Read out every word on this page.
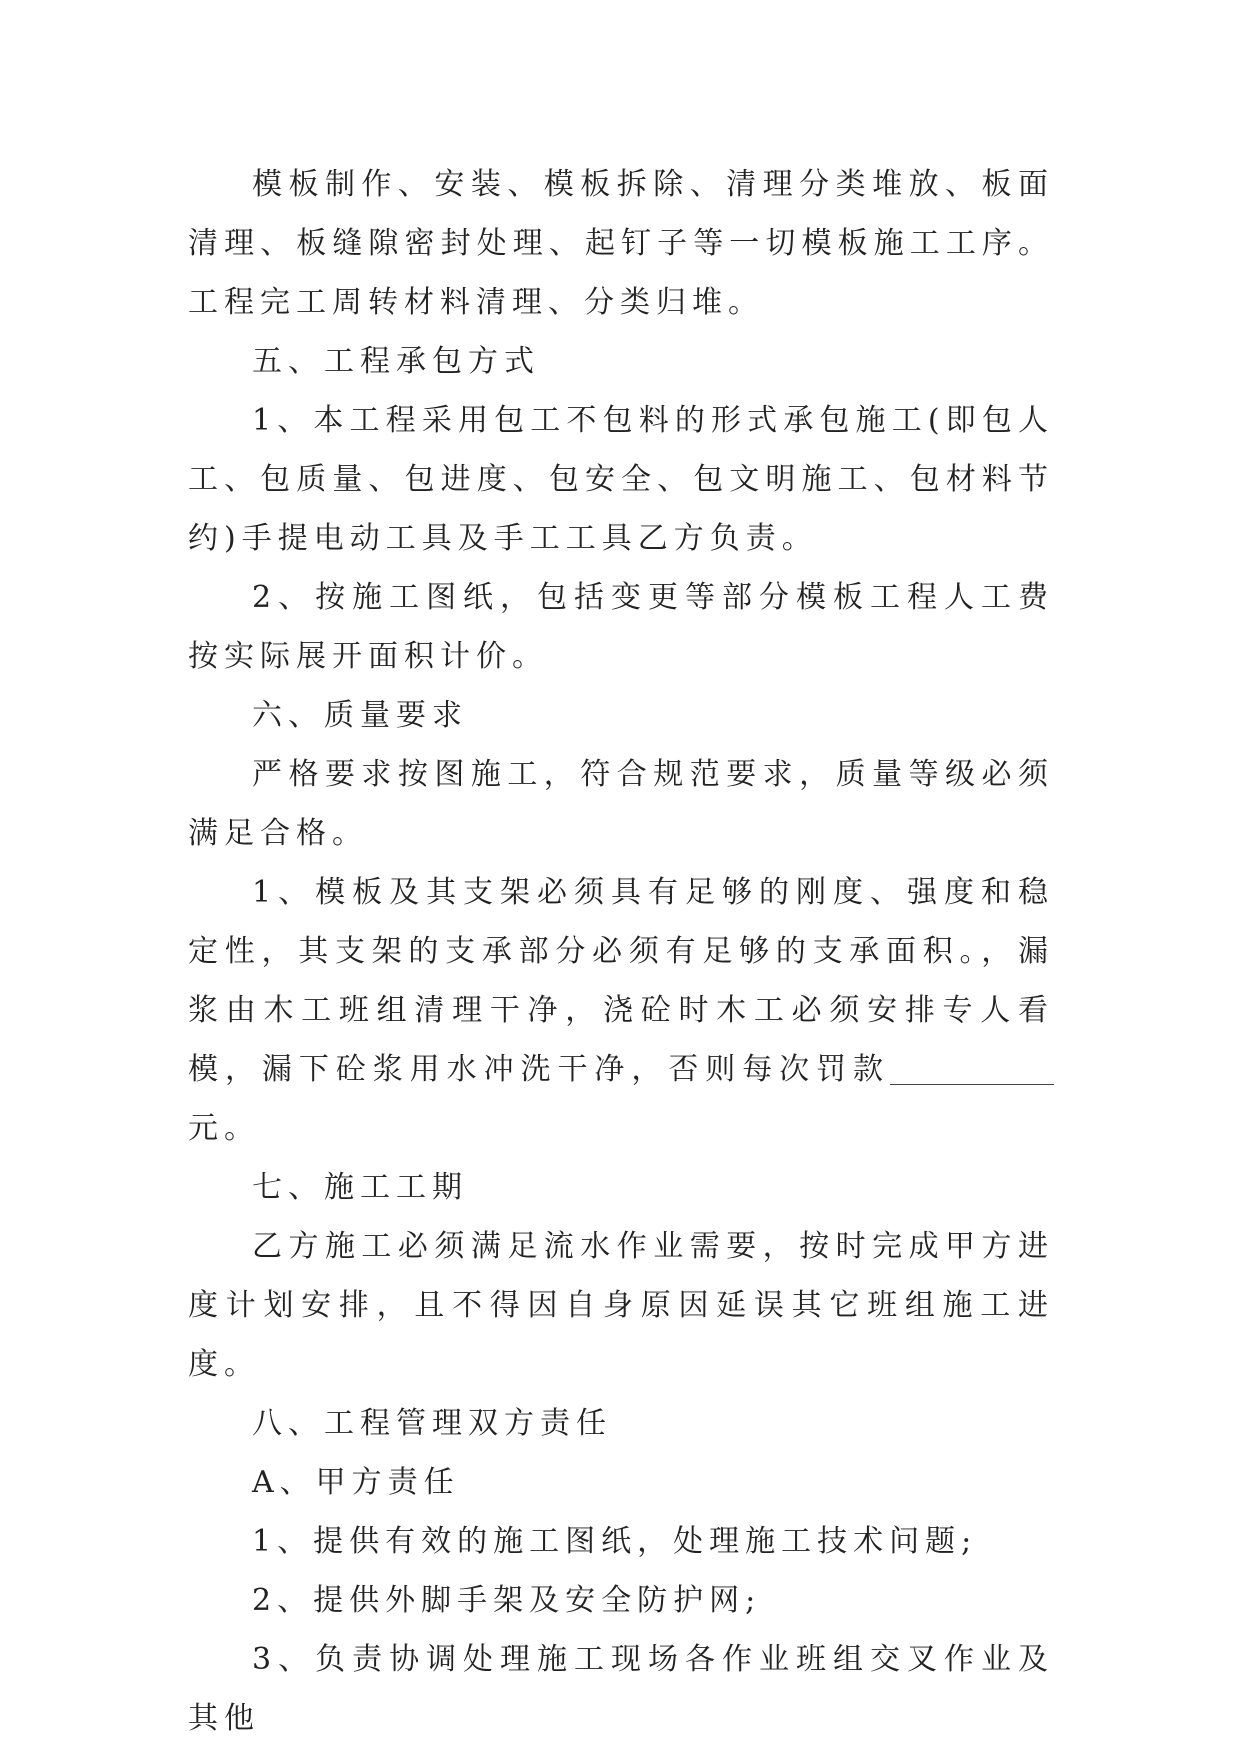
模板制作、安装、模板拆除、清理分类堆放、板面清理、板缝隙密封处理、起钉子等一切模板施工工序。工程完工周转材料清理、分类归堆。

五、工程承包方式

1、本工程采用包工不包料的形式承包施工(即包人工、包质量、包进度、包安全、包文明施工、包材料节约)手提电动工具及手工工具乙方负责。

2、按施工图纸，包括变更等部分模板工程人工费按实际展开面积计价。

六、质量要求

严格要求按图施工，符合规范要求，质量等级必须满足合格。

1、模板及其支架必须具有足够的刚度、强度和稳定性，其支架的支承部分必须有足够的支承面积。，漏浆由木工班组清理干净，浇砼时木工必须安排专人看模，漏下砼浆用水冲洗干净，否则每次罚款元。

七、施工工期

乙方施工必须满足流水作业需要，按时完成甲方进度计划安排，且不得因自身原因延误其它班组施工进度。

八、工程管理双方责任

A、甲方责任

1、提供有效的施工图纸，处理施工技术问题;

2、提供外脚手架及安全防护网;

3、负责协调处理施工现场各作业班组交叉作业及其他
